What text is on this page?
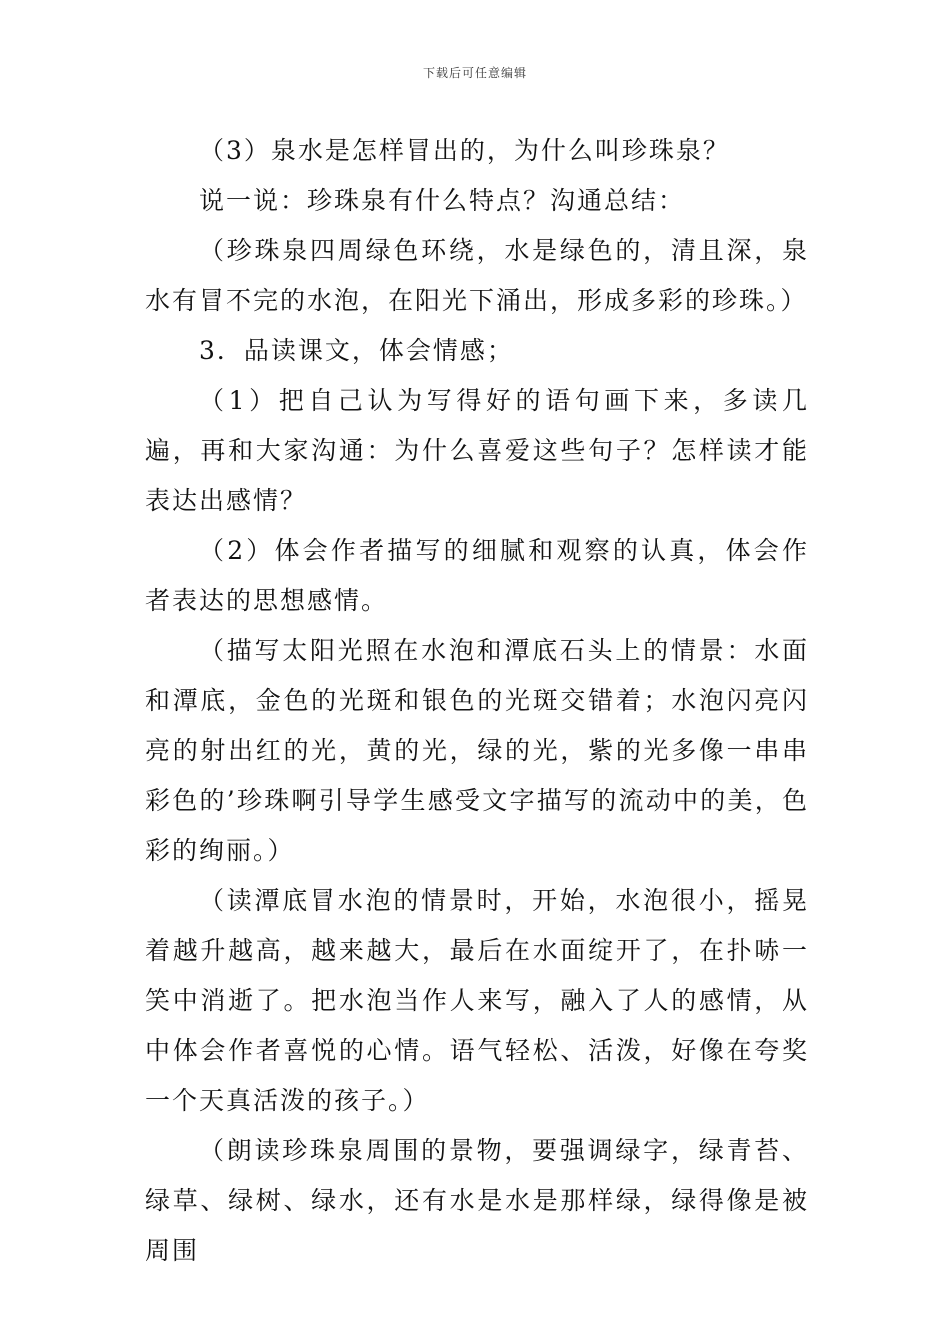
下载后可任意编辑

（3）泉水是怎样冒出的，为什么叫珍珠泉？

说一说：珍珠泉有什么特点？沟通总结：

（珍珠泉四周绿色环绕，水是绿色的，清且深，泉水有冒不完的水泡，在阳光下涌出，形成多彩的珍珠。）

3．品读课文，体会情感；

（1）把自己认为写得好的语句画下来，多读几遍，再和大家沟通：为什么喜爱这些句子？怎样读才能表达出感情？

（2）体会作者描写的细腻和观察的认真，体会作者表达的思想感情。

（描写太阳光照在水泡和潭底石头上的情景：水面和潭底，金色的光斑和银色的光斑交错着；水泡闪亮闪亮的射出红的光，黄的光，绿的光，紫的光多像一串串彩色的’珍珠啊引导学生感受文字描写的流动中的美，色彩的绚丽。）

（读潭底冒水泡的情景时，开始，水泡很小，摇晃着越升越高，越来越大，最后在水面绽开了，在扑哧一笑中消逝了。把水泡当作人来写，融入了人的感情，从中体会作者喜悦的心情。语气轻松、活泼，好像在夸奖一个天真活泼的孩子。）

（朗读珍珠泉周围的景物，要强调绿字，绿青苔、绿草、绿树、绿水，还有水是水是那样绿，绿得像是被周围
